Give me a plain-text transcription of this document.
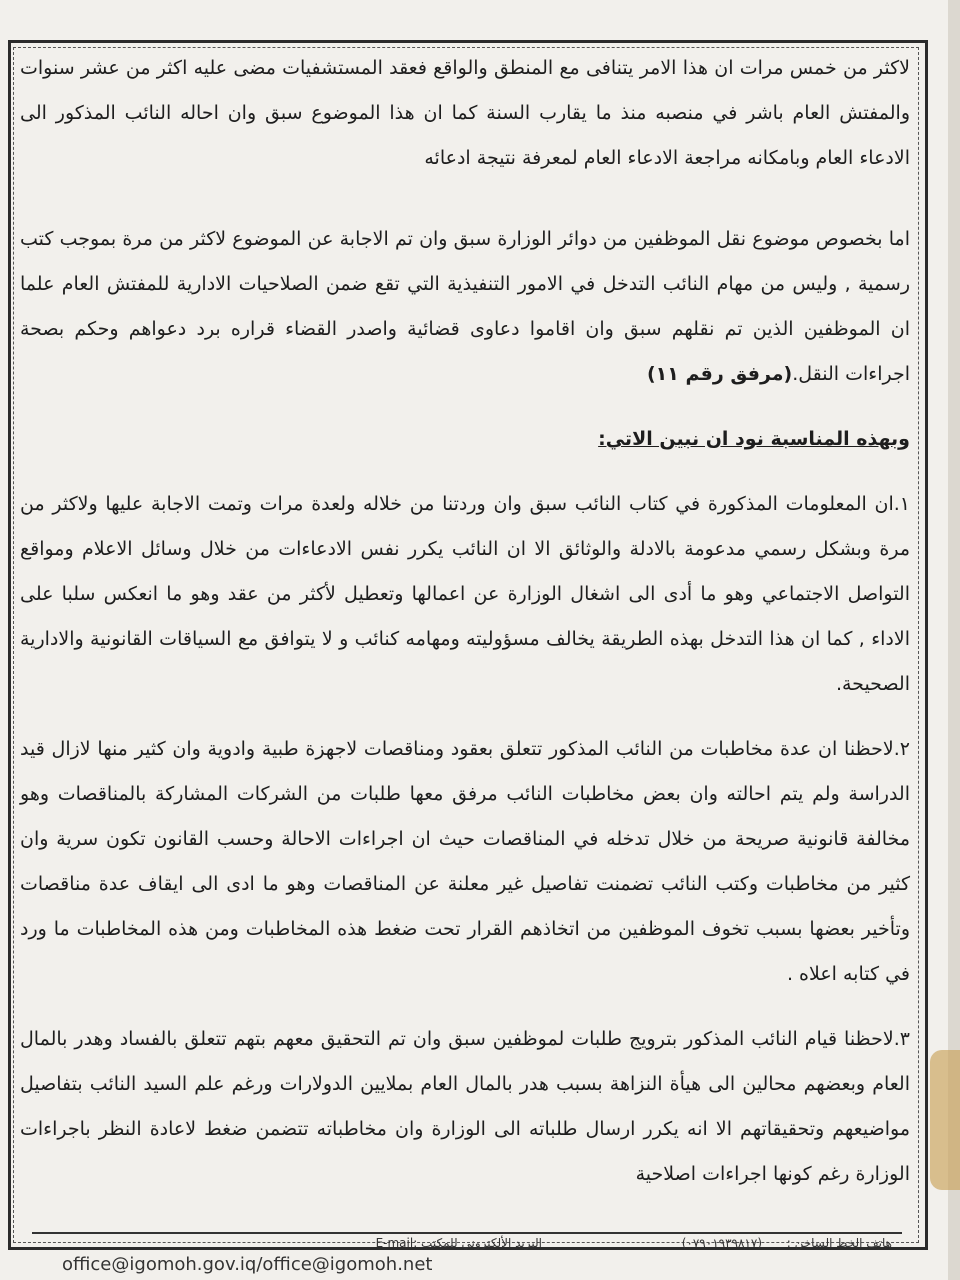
لاكثر من خمس مرات ان هذا الامر يتنافى مع المنطق والواقع فعقد المستشفيات مضى عليه اكثر من عشر سنوات والمفتش العام باشر في منصبه منذ ما يقارب السنة كما ان هذا الموضوع سبق وان احاله النائب المذكور الى الادعاء العام وبامكانه مراجعة الادعاء العام لمعرفة نتيجة ادعائه

اما بخصوص موضوع نقل الموظفين من دوائر الوزارة سبق وان تم الاجابة عن الموضوع لاكثر من مرة بموجب كتب رسمية , وليس من مهام النائب التدخل في الامور التنفيذية التي تقع ضمن الصلاحيات الادارية للمفتش العام علما ان الموظفين الذين تم نقلهم سبق وان اقاموا دعاوى قضائية واصدر القضاء قراره برد دعواهم وحكم بصحة اجراءات النقل.(مرفق رقم ١١)

وبهذه المناسبة نود ان نبين الاتي:

١.ان المعلومات المذكورة في كتاب النائب سبق وان وردتنا من خلاله ولعدة مرات وتمت الاجابة عليها ولاكثر من مرة وبشكل رسمي مدعومة بالادلة والوثائق الا ان النائب يكرر نفس الادعاءات من خلال وسائل الاعلام ومواقع التواصل الاجتماعي وهو ما أدى الى اشغال الوزارة عن اعمالها وتعطيل لأكثر من عقد وهو ما انعكس سلبا على الاداء , كما ان هذا التدخل بهذه الطريقة يخالف مسؤوليته ومهامه كنائب و لا يتوافق مع السياقات القانونية والادارية الصحيحة.

٢.لاحظنا ان عدة مخاطبات من النائب المذكور تتعلق بعقود ومناقصات لاجهزة طبية وادوية وان كثير منها لازال قيد الدراسة ولم يتم احالته وان بعض مخاطبات النائب مرفق معها طلبات من الشركات المشاركة بالمناقصات وهو مخالفة قانونية صريحة من خلال تدخله في المناقصات حيث ان اجراءات الاحالة وحسب القانون تكون سرية وان كثير من مخاطبات وكتب النائب تضمنت تفاصيل غير معلنة عن المناقصات وهو ما ادى الى ايقاف عدة مناقصات وتأخير بعضها بسبب تخوف الموظفين من اتخاذهم القرار تحت ضغط هذه المخاطبات ومن هذه المخاطبات ما ورد في كتابه اعلاه .

٣.لاحظنا قيام النائب المذكور بترويج طلبات لموظفين سبق وان تم التحقيق معهم بتهم تتعلق بالفساد وهدر بالمال العام وبعضهم محالين الى هيأة النزاهة بسبب هدر بالمال العام بملايين الدولارات ورغم علم السيد النائب بتفاصيل مواضيعهم وتحقيقاتهم الا انه يكرر ارسال طلباته الى الوزارة وان مخاطباته تتضمن ضغط لاعادة النظر باجراءات الوزارة رغم كونها اجراءات اصلاحية

هاتف الخط الساخن :
(٠٧٩٠١٩٣٩٨١٧)
البريد الألكتروني للمكتب :E-mail
office@igomoh.gov.iq/office@igomoh.net
